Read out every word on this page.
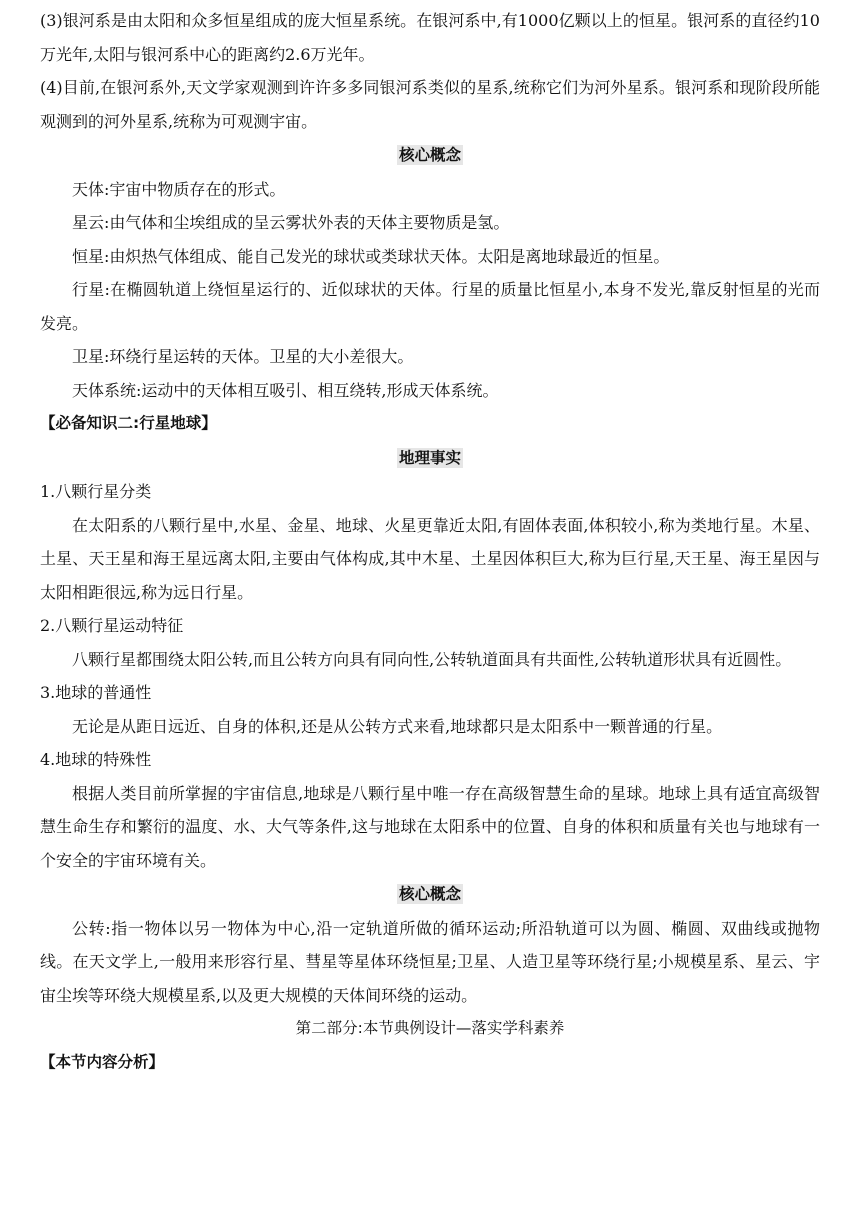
(3)银河系是由太阳和众多恒星组成的庞大恒星系统。在银河系中,有1000亿颗以上的恒星。银河系的直径约10万光年,太阳与银河系中心的距离约2.6万光年。

(4)目前,在银河系外,天文学家观测到许许多多同银河系类似的星系,统称它们为河外星系。银河系和现阶段所能观测到的河外星系,统称为可观测宇宙。

核心概念

天体:宇宙中物质存在的形式。

星云:由气体和尘埃组成的呈云雾状外表的天体主要物质是氢。

恒星:由炽热气体组成、能自己发光的球状或类球状天体。太阳是离地球最近的恒星。

行星:在椭圆轨道上绕恒星运行的、近似球状的天体。行星的质量比恒星小,本身不发光,靠反射恒星的光而发亮。

卫星:环绕行星运转的天体。卫星的大小差很大。

天体系统:运动中的天体相互吸引、相互绕转,形成天体系统。

【必备知识二:行星地球】

地理事实

1.八颗行星分类

在太阳系的八颗行星中,水星、金星、地球、火星更靠近太阳,有固体表面,体积较小,称为类地行星。木星、土星、天王星和海王星远离太阳,主要由气体构成,其中木星、土星因体积巨大,称为巨行星,天王星、海王星因与太阳相距很远,称为远日行星。

2.八颗行星运动特征

八颗行星都围绕太阳公转,而且公转方向具有同向性,公转轨道面具有共面性,公转轨道形状具有近圆性。

3.地球的普通性

无论是从距日远近、自身的体积,还是从公转方式来看,地球都只是太阳系中一颗普通的行星。

4.地球的特殊性

根据人类目前所掌握的宇宙信息,地球是八颗行星中唯一存在高级智慧生命的星球。地球上具有适宜高级智慧生命生存和繁衍的温度、水、大气等条件,这与地球在太阳系中的位置、自身的体积和质量有关也与地球有一个安全的宇宙环境有关。

核心概念

公转:指一物体以另一物体为中心,沿一定轨道所做的循环运动;所沿轨道可以为圆、椭圆、双曲线或抛物线。在天文学上,一般用来形容行星、彗星等星体环绕恒星;卫星、人造卫星等环绕行星;小规模星系、星云、宇宙尘埃等环绕大规模星系,以及更大规模的天体间环绕的运动。

第二部分:本节典例设计—落实学科素养

【本节内容分析】
